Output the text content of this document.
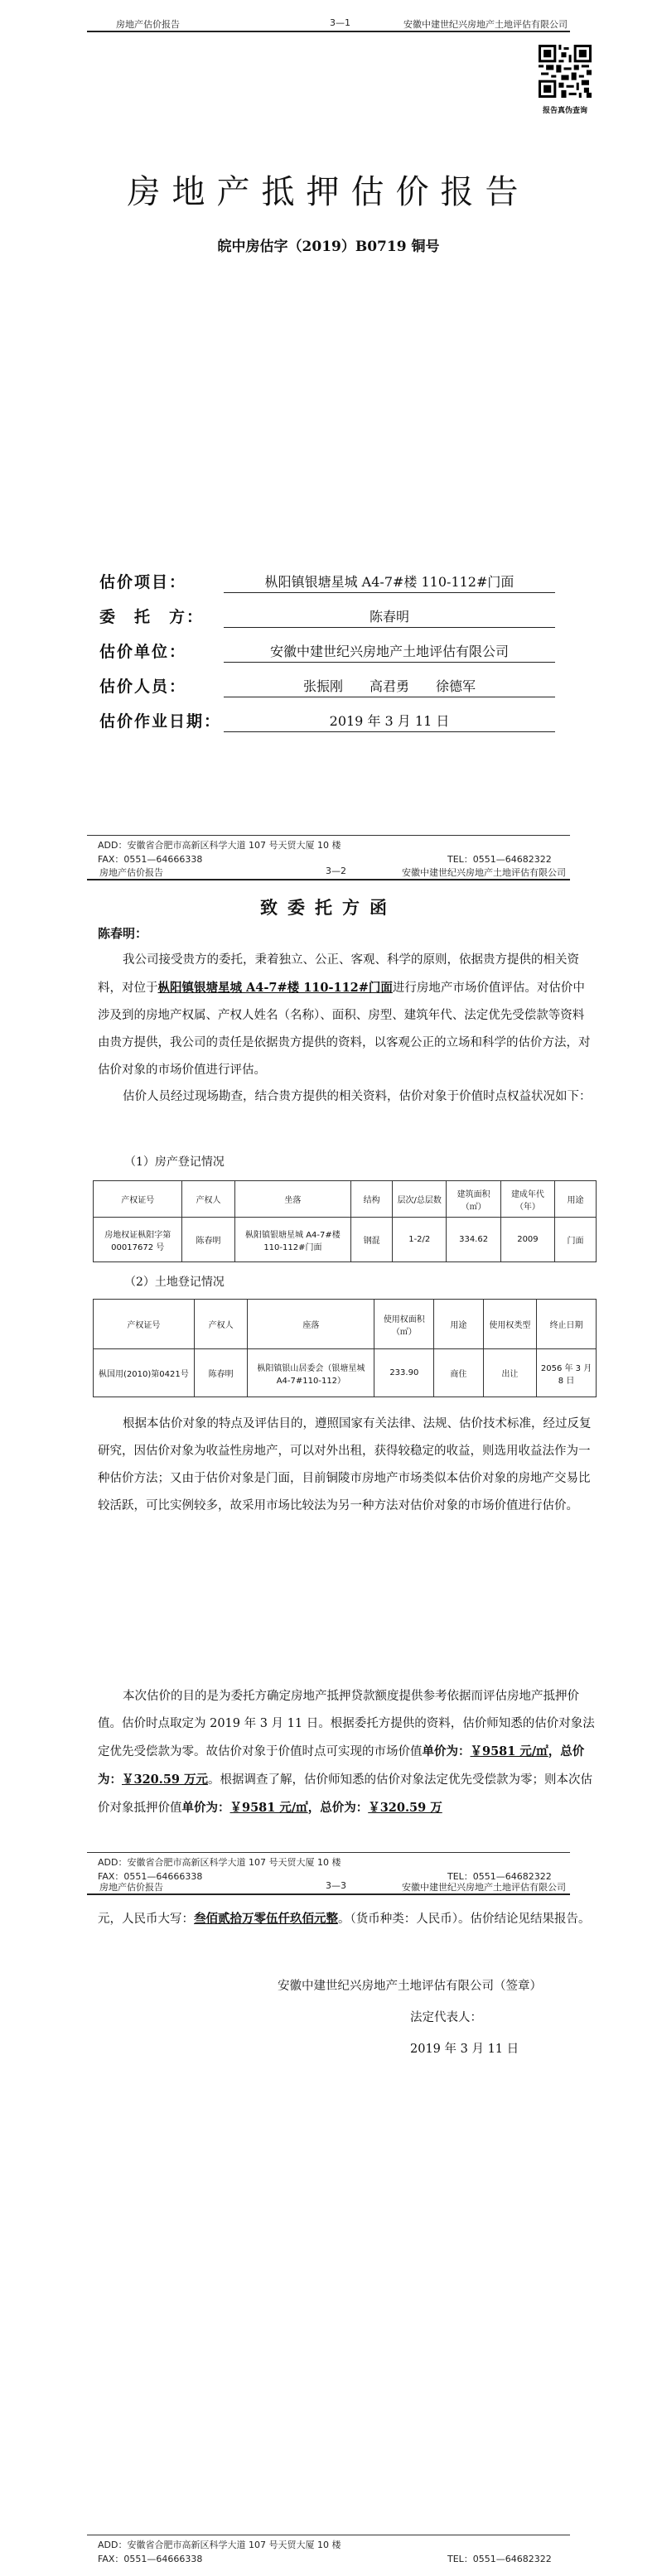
房地产估价报告	3—1	安徽中建世纪兴房地产土地评估有限公司
报告真伪查询
房地产抵押估价报告
皖中房估字（2019）B0719 铜号
估价项目：	枞阳镇银塘星城 A4-7#楼 110-112#门面
委　托　方：	陈春明
估价单位：	安徽中建世纪兴房地产土地评估有限公司
估价人员：	张振刚　　高君勇　　徐德军
估价作业日期：	2019 年 3 月 11 日
ADD：安徽省合肥市高新区科学大道 107 号天贸大厦 10 楼
FAX：0551—64666338	TEL：0551—64682322
房地产估价报告	3—2	安徽中建世纪兴房地产土地评估有限公司
致委托方函
陈春明：

我公司接受贵方的委托，秉着独立、公正、客观、科学的原则，依据贵方提供的相关资料，对位于枞阳镇银塘星城 A4-7#楼 110-112#门面进行房地产市场价值评估。对估价中涉及到的房地产权属、产权人姓名（名称）、面积、房型、建筑年代、法定优先受偿款等资料由贵方提供，我公司的责任是依据贵方提供的资料，以客观公正的立场和科学的估价方法，对估价对象的市场价值进行评估。

估价人员经过现场勘查，结合贵方提供的相关资料，估价对象于价值时点权益状况如下：

（1）房产登记情况
产权证号	产权人	坐落	结构	层次/总层数	建筑面积（㎡）	建成年代（年）	用途
房地权证枞阳字第00017672 号	陈春明	枞阳镇银塘星城 A4-7#楼 110-112#门面	钢混	1-2/2	334.62	2009	门面
（2）土地登记情况
产权证号	产权人	座落	使用权面积（㎡）	用途	使用权类型	终止日期
枞国用(2010)第0421号	陈春明	枞阳镇银山居委会（银塘星城 A4-7#110-112）	233.90	商住	出让	2056 年 3 月 8 日

根据本估价对象的特点及评估目的，遵照国家有关法律、法规、估价技术标准，经过反复研究，因估价对象为收益性房地产，可以对外出租，获得较稳定的收益，则选用收益法作为一种估价方法；又由于估价对象是门面，目前铜陵市房地产市场类似本估价对象的房地产交易比较活跃，可比实例较多，故采用市场比较法为另一种方法对估价对象的市场价值进行估价。

本次估价的目的是为委托方确定房地产抵押贷款额度提供参考依据而评估房地产抵押价值。估价时点取定为 2019 年 3 月 11 日。根据委托方提供的资料，估价师知悉的估价对象法定优先受偿款为零。故估价对象于价值时点可实现的市场价值单价为：￥9581 元/㎡，总价为：￥320.59 万元。根据调查了解，估价师知悉的估价对象法定优先受偿款为零；则本次估价对象抵押价值单价为：￥9581 元/㎡，总价为：￥320.59 万

ADD：安徽省合肥市高新区科学大道 107 号天贸大厦 10 楼
FAX：0551—64666338	TEL：0551—64682322
房地产估价报告	3—3	安徽中建世纪兴房地产土地评估有限公司

元，人民币大写：叁佰贰拾万零伍仟玖佰元整。（货币种类：人民币）。估价结论见结果报告。

安徽中建世纪兴房地产土地评估有限公司（签章）
法定代表人：
2019 年 3 月 11 日
ADD：安徽省合肥市高新区科学大道 107 号天贸大厦 10 楼
FAX：0551—64666338	TEL：0551—64682322
